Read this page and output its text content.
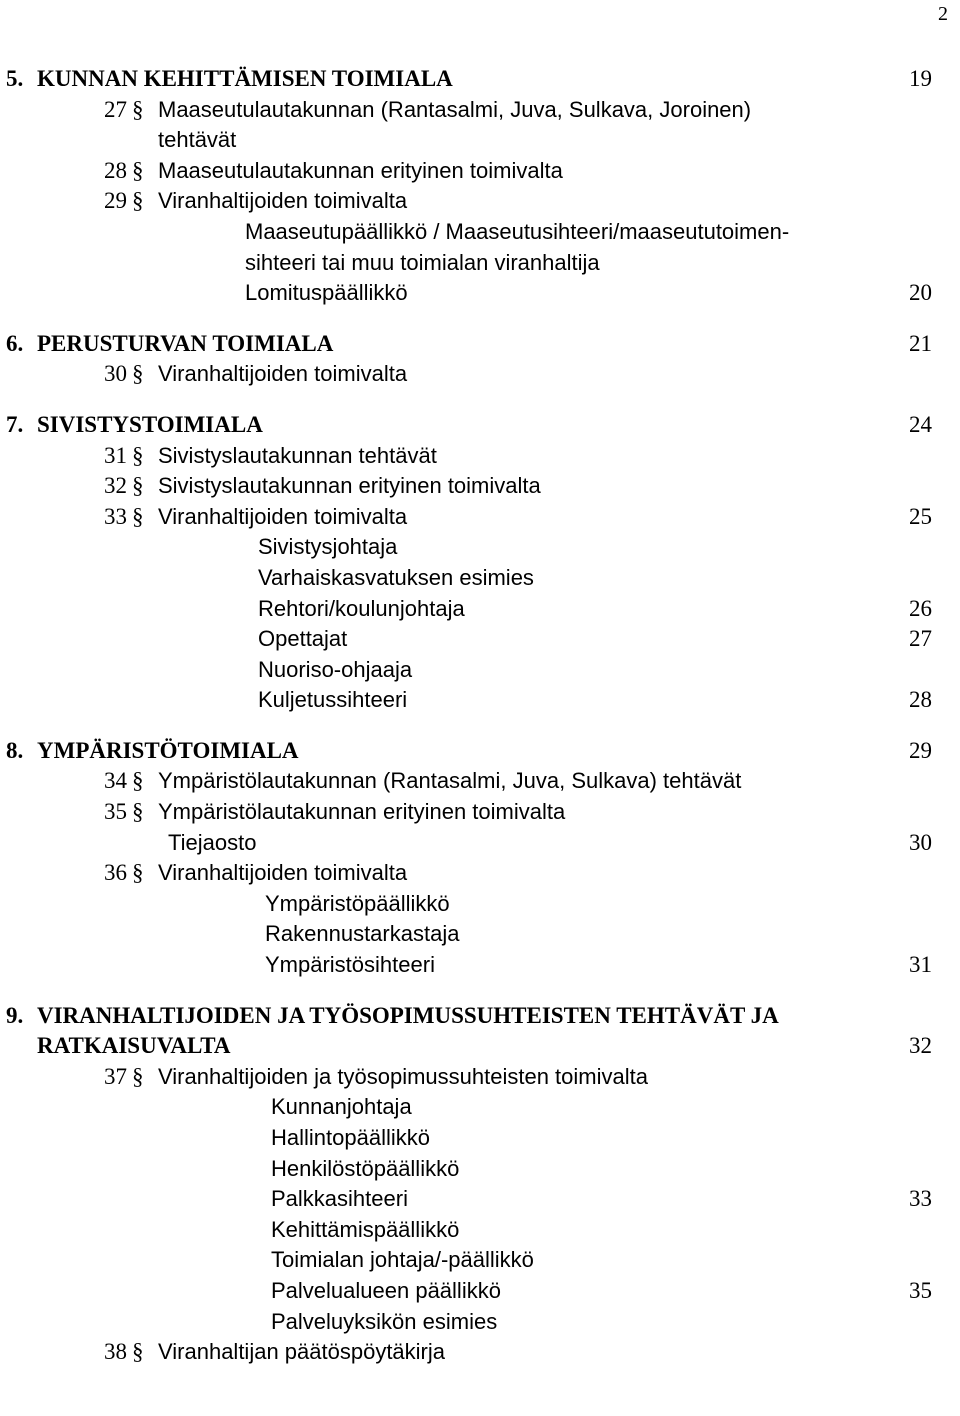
2
5. KUNNAN KEHITTÄMISEN TOIMIALA	19
27 § Maaseutulautakunnan (Rantasalmi, Juva, Sulkava, Joroinen)
tehtävät
28 § Maaseutulautakunnan erityinen toimivalta
29 § Viranhaltijoiden toimivalta
Maaseutupäällikkö / Maaseutusihteeri/maaseututoimen-
sihteeri tai muu toimialan viranhaltija
Lomituspäällikkö	20
6. PERUSTURVAN TOIMIALA	21
30 § Viranhaltijoiden toimivalta
7. SIVISTYSTOIMIALA	24
31 § Sivistyslautakunnan tehtävät
32 § Sivistyslautakunnan erityinen toimivalta
33 § Viranhaltijoiden toimivalta	25
Sivistysjohtaja
Varhaiskasvatuksen esimies
Rehtori/koulunjohtaja	26
Opettajat	27
Nuoriso-ohjaaja
Kuljetussihteeri	28
8. YMPÄRISTÖTOIMIALA	29
34 § Ympäristölautakunnan (Rantasalmi, Juva, Sulkava) tehtävät
35 § Ympäristölautakunnan erityinen toimivalta
Tiejaosto	30
36 § Viranhaltijoiden toimivalta
Ympäristöpäällikkö
Rakennustarkastaja
Ympäristösihteeri	31
9. VIRANHALTIJOIDEN JA TYÖSOPIMUSSUHTEISTEN TEHTÄVÄT JA
RATKAISUVALTA	32
37 § Viranhaltijoiden ja työsopimussuhteisten toimivalta
Kunnanjohtaja
Hallintopäällikkö
Henkilöstöpäällikkö
Palkkasihteeri	33
Kehittämispäällikkö
Toimialan johtaja/-päällikkö
Palvelualueen päällikkö	35
Palveluyksikön esimies
38 § Viranhaltijan päätöspöytäkirja
